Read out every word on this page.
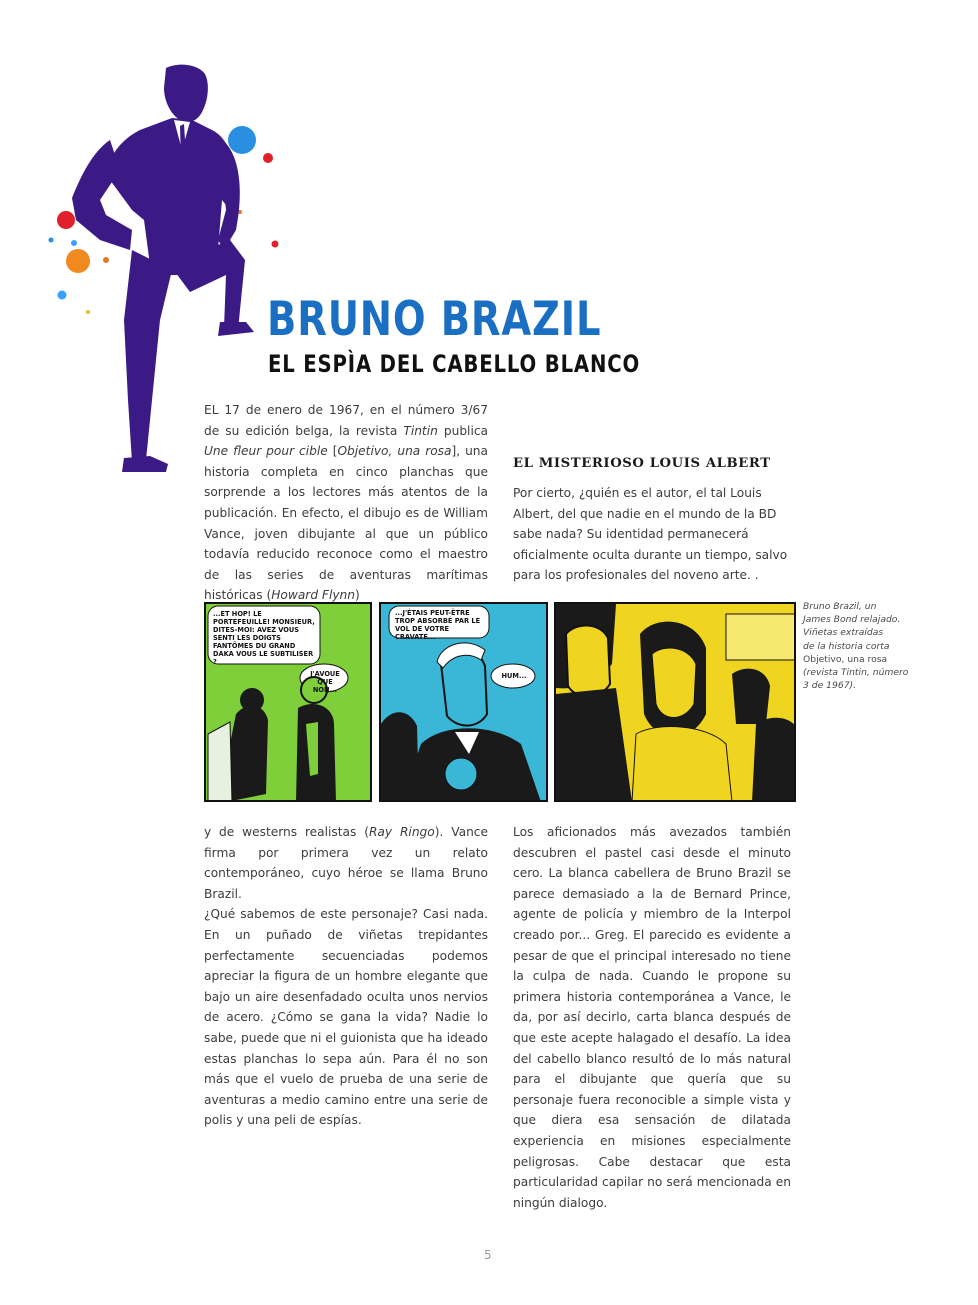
BRUNO BRAZIL
EL ESPÌA DEL CABELLO BLANCO

EL 17 de enero de 1967, en el número 3/67 de su edición belga, la revista Tintin publica Une fleur pour cible [Objetivo, una rosa], una historia completa en cinco planchas que sorprende a los lectores más atentos de la publicación. En efecto, el dibujo es de William Vance, joven dibujante al que un público todavía reducido reconoce como el maestro de las series de aventuras marítimas históricas (Howard Flynn)

EL MISTERIOSO LOUIS ALBERT

Por cierto, ¿quién es el autor, el tal Louis Albert, del que nadie en el mundo de la BD sabe nada? Su identidad permanecerá oficialmente oculta durante un tiempo, salvo para los profesionales del noveno arte. .

...ET HOP! LE PORTEFEUILLE! MONSIEUR, DITES-MOI: AVEZ VOUS SENTI LES DOIGTS FANTÔMES DU GRAND DAKA VOUS LE SUBTILISER ?
J'AVOUE QUE NON...
...J'ÉTAIS PEUT-ÊTRE TROP ABSORBÉ PAR LE VOL DE VOTRE CRAVATE...
HUM...
Bruno Brazil, un
James Bond relajado.
Viñetas extraídas
de la historia corta
Objetivo, una rosa
(revista Tintin, número
3 de 1967).

y de westerns realistas (Ray Ringo). Vance firma por primera vez un relato contemporáneo, cuyo héroe se llama Bruno Brazil.

¿Qué sabemos de este personaje? Casi nada. En un puñado de viñetas trepidantes perfectamente secuenciadas podemos apreciar la figura de un hombre elegante que bajo un aire desenfadado oculta unos nervios de acero. ¿Cómo se gana la vida? Nadie lo sabe, puede que ni el guionista que ha ideado estas planchas lo sepa aún. Para él no son más que el vuelo de prueba de una serie de aventuras a medio camino entre una serie de polis y una peli de espías.

Los aficionados más avezados también descubren el pastel casi desde el minuto cero. La blanca cabellera de Bruno Brazil se parece demasiado a la de Bernard Prince, agente de policía y miembro de la Interpol creado por... Greg. El parecido es evidente a pesar de que el principal interesado no tiene la culpa de nada. Cuando le propone su primera historia contemporánea a Vance, le da, por así decirlo, carta blanca después de que este acepte halagado el desafío. La idea del cabello blanco resultó de lo más natural para el dibujante que quería que su personaje fuera reconocible a simple vista y que diera esa sensación de dilatada experiencia en misiones especialmente peligrosas. Cabe destacar que esta particularidad capilar no será mencionada en ningún dialogo.

5
